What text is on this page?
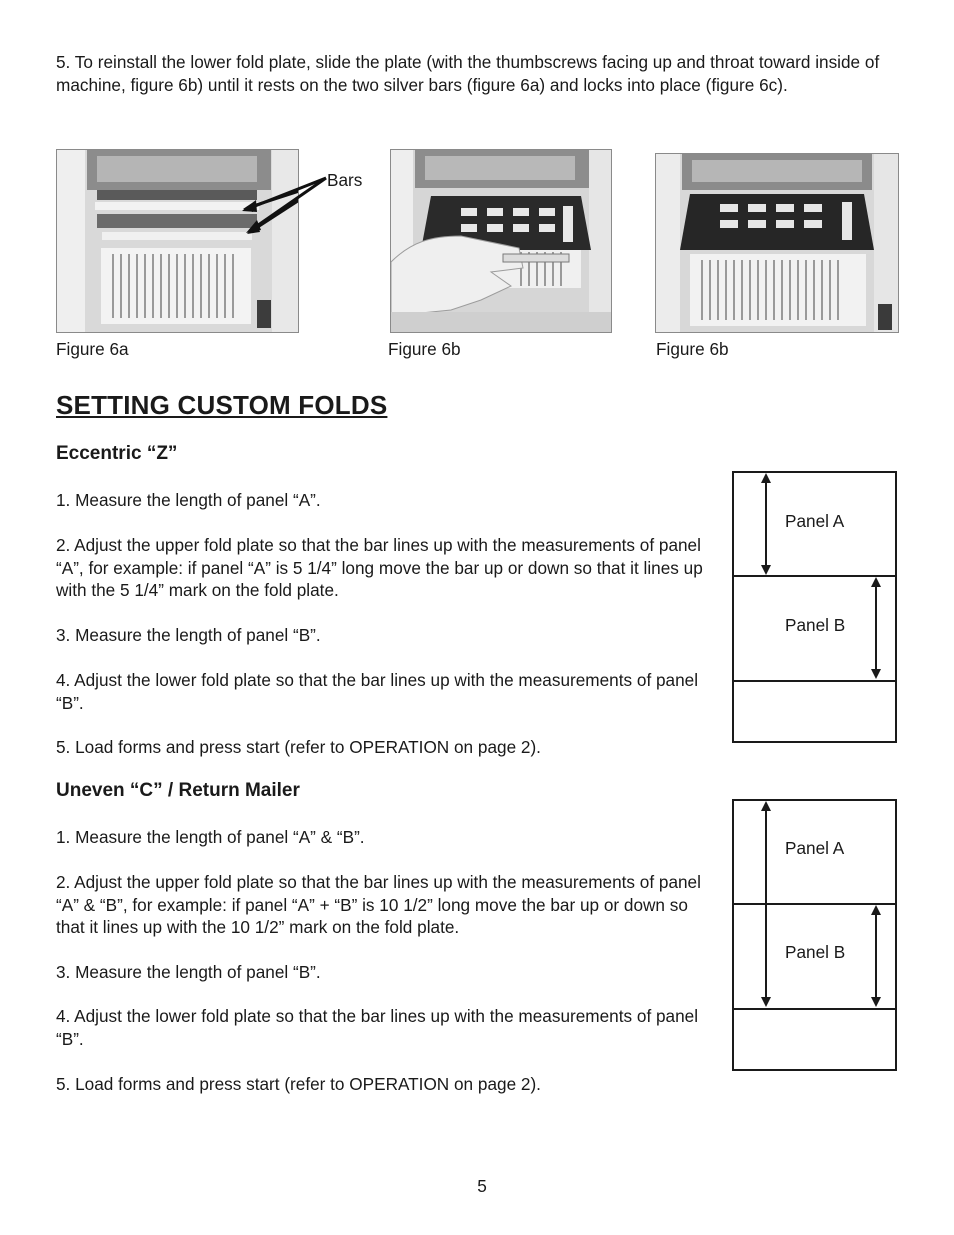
5. To reinstall the lower fold plate, slide the plate (with the thumbscrews facing up and throat toward inside of machine, figure 6b) until it rests on the two silver bars (figure 6a) and locks into place (figure 6c).

Bars
Figure 6a	Figure 6b	Figure 6b
SETTING CUSTOM FOLDS
Eccentric “Z”

1. Measure the length of panel “A”.

2. Adjust the upper fold plate so that the bar lines up with the measurements of panel “A”, for example: if panel “A” is 5 1/4” long move the bar up or down so that it lines up with the 5 1/4” mark on the fold plate.

3. Measure the length of panel “B”.

4. Adjust the lower fold plate so that the bar lines up with the measurements of panel “B”.

5. Load forms and press start (refer to OPERATION on page 2).

Panel A
Panel B
Uneven “C” / Return Mailer

1. Measure the length of panel “A” & “B”.

2. Adjust the upper fold plate so that the bar lines up with the measurements of panel “A” & “B”, for example: if panel “A” + “B” is 10 1/2” long move the bar up or down so that it lines up with the 10 1/2” mark on the fold plate.

3. Measure the length of panel “B”.

4. Adjust the lower fold plate so that the bar lines up with the measurements of panel “B”.

5. Load forms and press start (refer to OPERATION on page 2).

Panel A
Panel B
5
